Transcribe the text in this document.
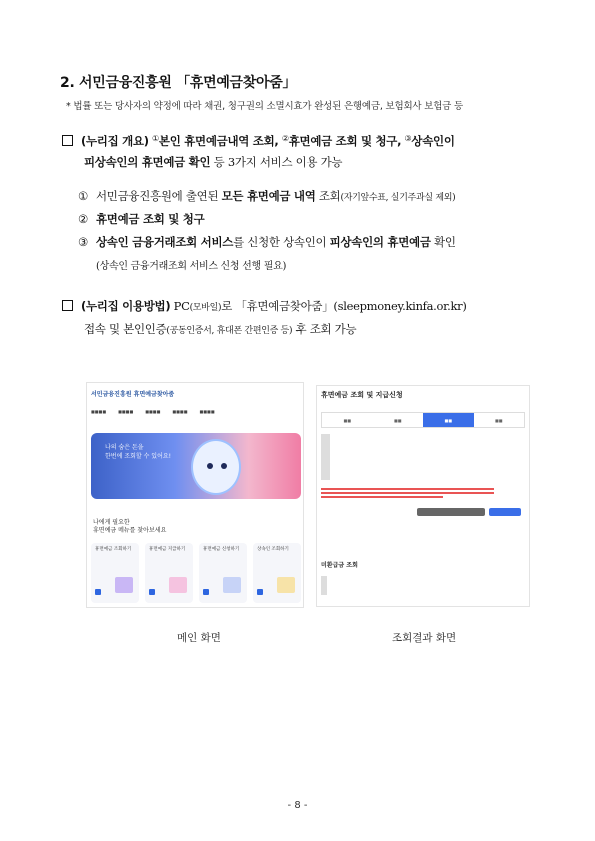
2. 서민금융진흥원 「휴면예금찾아줌」
* 법률 또는 당사자의 약정에 따라 채권, 청구권의 소멸시효가 완성된 은행예금, 보험회사 보험금 등
(누리집 개요) ①본인 휴면예금내역 조회, ②휴면예금 조회 및 청구, ③상속인이
피상속인의 휴면예금 확인 등 3가지 서비스 이용 가능
① 서민금융진흥원에 출연된 모든 휴면예금 내역 조회(자기앞수표, 실기주과실 제외)
② 휴면예금 조회 및 청구
③ 상속인 금융거래조회 서비스를 신청한 상속인이 피상속인의 휴면예금 확인
(상속인 금융거래조회 서비스 신청 선행 필요)
(누리집 이용방법) PC(모바일)로 「휴면예금찾아줌」(sleepmoney.kinfa.or.kr)
접속 및 본인인증(공동인증서, 휴대폰 간편인증 등) 후 조회 가능
서민금융진흥원 휴면예금찾아줌
■■■■	■■■■	■■■■	■■■■	■■■■
나의 숨은 돈을
한번에 조회할 수 있어요!
나에게 필요한
휴면예금 메뉴를 찾아보세요
휴면예금 조회하기	휴면예금 지급하기	휴면예금 신청하기	상속인 조회하기
메인 화면
휴면예금 조회 및 지급신청
■■	■■	■■	■■

미환급금 조회

조회결과 화면
- 8 -
